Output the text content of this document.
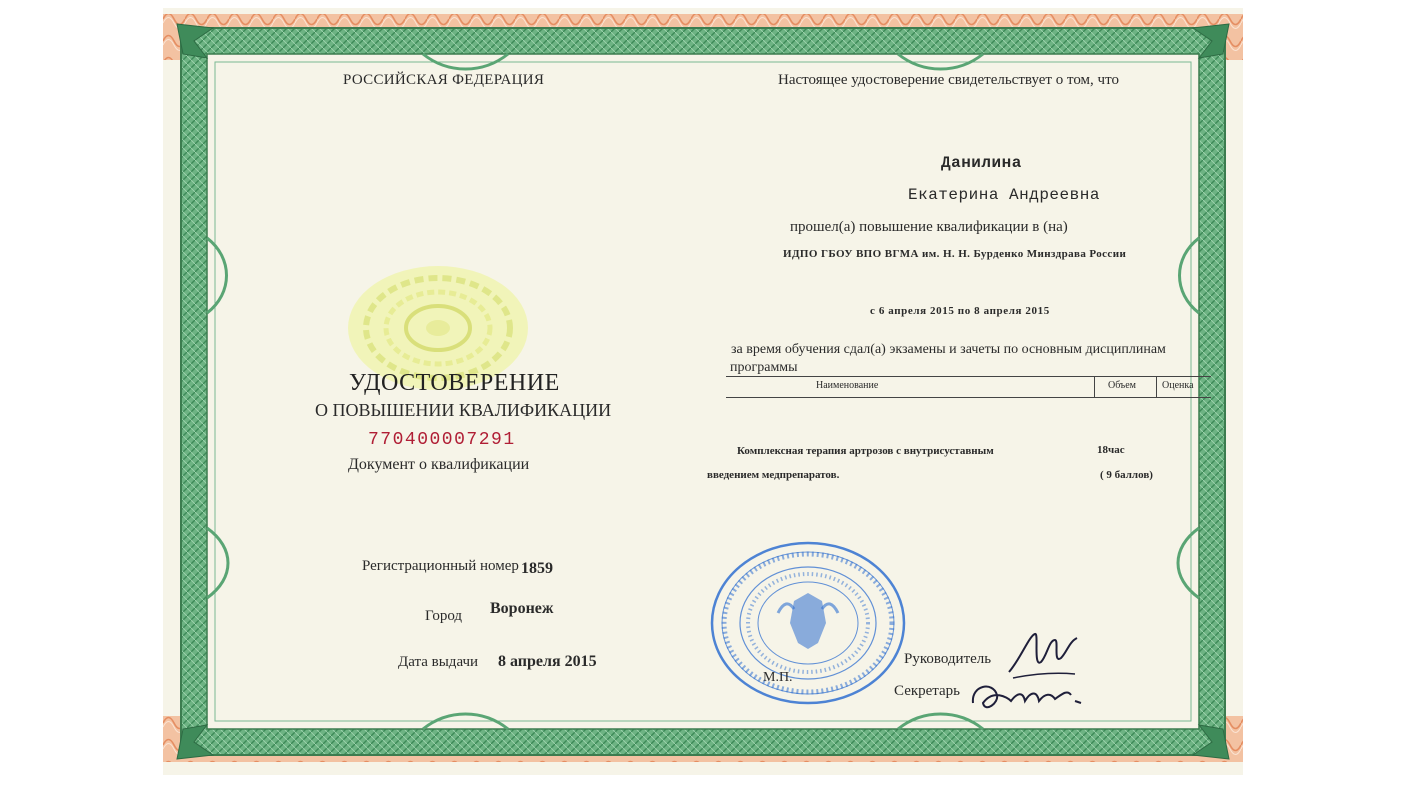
РОССИЙСКАЯ ФЕДЕРАЦИЯ
УДОСТОВЕРЕНИЕ
О ПОВЫШЕНИИ КВАЛИФИКАЦИИ
770400007291
Документ о квалификации
Регистрационный номер 1859
Город Воронеж
Дата выдачи 8 апреля 2015
Настоящее удостоверение свидетельствует о том, что
Данилина
Екатерина Андреевна
прошел(а) повышение квалификации в (на)
ИДПО ГБОУ ВПО ВГМА им. Н. Н. Бурденко Минздрава России
с 6 апреля 2015 по 8 апреля 2015
за время обучения сдал(а) экзамены и зачеты по основным дисциплинам
программы
Наименование	Объем	Оценка
Комплексная терапия артрозов с внутрисуставным
введением медпрепаратов.
18час
( 9 баллов)
М.П.
Руководитель
Секретарь
